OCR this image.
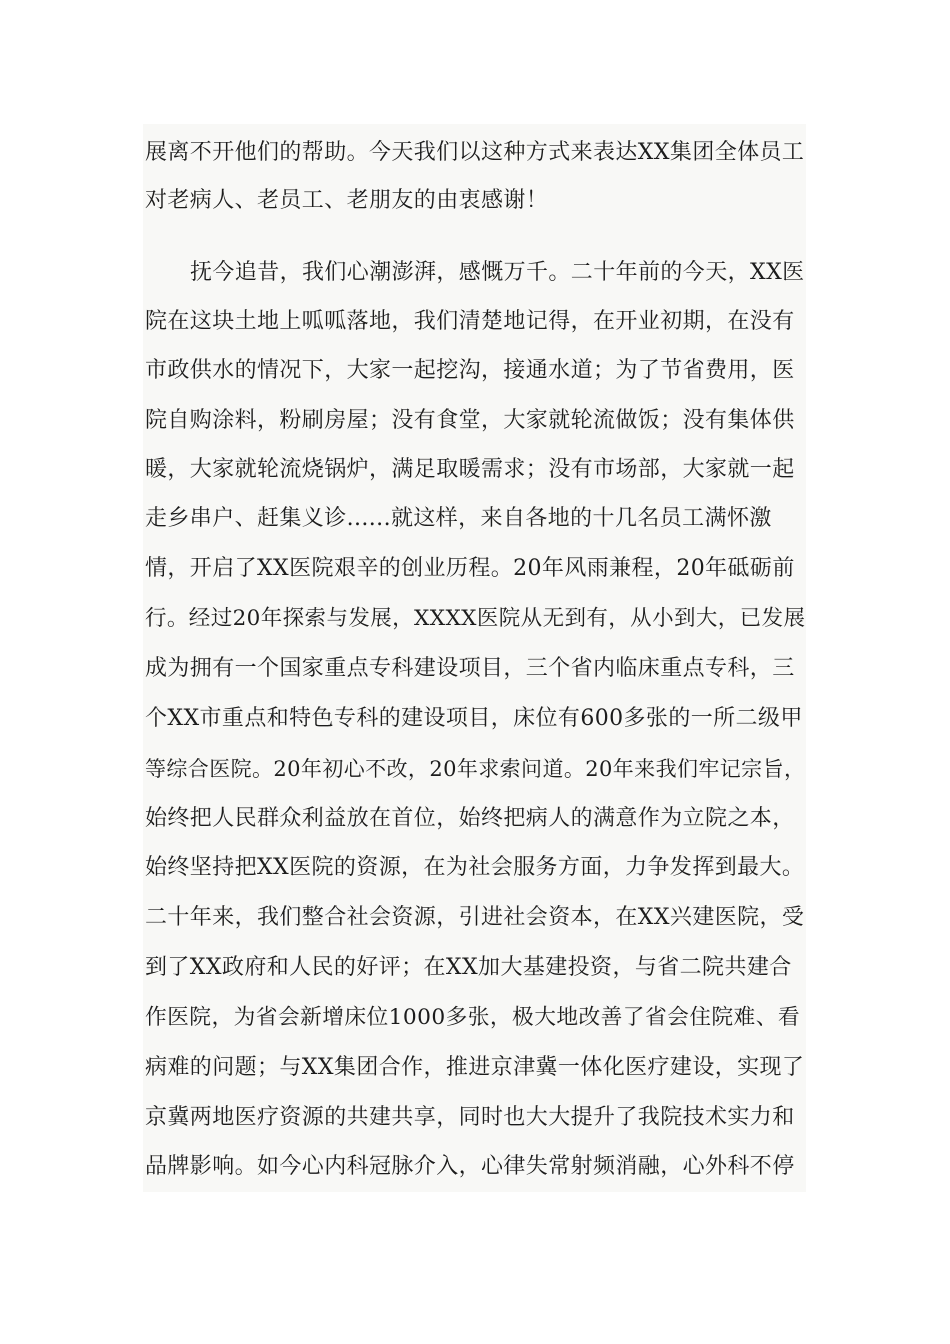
展离不开他们的帮助。今天我们以这种方式来表达XX集团全体员工
对老病人、老员工、老朋友的由衷感谢！
抚今追昔，我们心潮澎湃，感慨万千。二十年前的今天，XX医
院在这块土地上呱呱落地，我们清楚地记得，在开业初期，在没有
市政供水的情况下，大家一起挖沟，接通水道；为了节省费用，医
院自购涂料，粉刷房屋；没有食堂，大家就轮流做饭；没有集体供
暖，大家就轮流烧锅炉，满足取暖需求；没有市场部，大家就一起
走乡串户、赶集义诊......就这样，来自各地的十几名员工满怀激
情，开启了XX医院艰辛的创业历程。20年风雨兼程，20年砥砺前
行。经过20年探索与发展，XXXX医院从无到有，从小到大，已发展
成为拥有一个国家重点专科建设项目，三个省内临床重点专科，三
个XX市重点和特色专科的建设项目，床位有600多张的一所二级甲
等综合医院。20年初心不改，20年求索问道。20年来我们牢记宗旨，
始终把人民群众利益放在首位，始终把病人的满意作为立院之本，
始终坚持把XX医院的资源，在为社会服务方面，力争发挥到最大。
二十年来，我们整合社会资源，引进社会资本，在XX兴建医院，受
到了XX政府和人民的好评；在XX加大基建投资，与省二院共建合
作医院，为省会新增床位1000多张，极大地改善了省会住院难、看
病难的问题；与XX集团合作，推进京津冀一体化医疗建设，实现了
京冀两地医疗资源的共建共享，同时也大大提升了我院技术实力和
品牌影响。如今心内科冠脉介入，心律失常射频消融，心外科不停
